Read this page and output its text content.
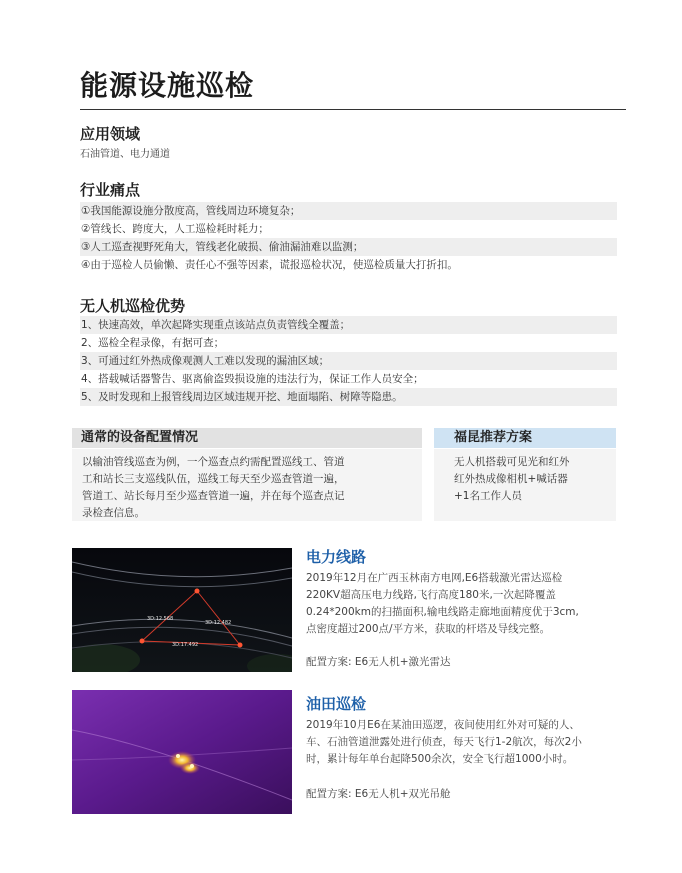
能源设施巡检
应用领域
石油管道、电力通道
行业痛点
①我国能源设施分散度高，管线周边环境复杂；
②管线长、跨度大，人工巡检耗时耗力；
③人工巡查视野死角大，管线老化破损、偷油漏油难以监测；
④由于巡检人员偷懒、责任心不强等因素，谎报巡检状况，使巡检质量大打折扣。
无人机巡检优势
1、快速高效，单次起降实现重点该站点负责管线全覆盖；
2、巡检全程录像，有据可查；
3、可通过红外热成像观测人工难以发现的漏油区域；
4、搭载喊话器警告、驱离偷盗毁损设施的违法行为，保证工作人员安全；
5、及时发现和上报管线周边区域违规开挖、地面塌陷、树障等隐患。
通常的设备配置情况
以输油管线巡查为例，一个巡查点约需配置巡线工、管道
工和站长三支巡线队伍，巡线工每天至少巡查管道一遍，
管道工、站长每月至少巡查管道一遍，并在每个巡查点记
录检查信息。
福昆推荐方案
无人机搭载可见光和红外
红外热成像相机+喊话器
+1名工作人员
3D:12.568
3D:12.482
3D:17.492
电力线路
2019年12月在广西玉林南方电网,E6搭载激光雷达巡检
220KV超高压电力线路,飞行高度180米,一次起降覆盖
0.24*200km的扫描面积,输电线路走廊地面精度优于3cm,
点密度超过200点/平方米，获取的杆塔及导线完整。
配置方案: E6无人机+激光雷达
油田巡检
2019年10月E6在某油田巡逻，夜间使用红外对可疑的人、
车、石油管道泄露处进行侦查，每天飞行1-2航次，每次2小
时，累计每年单台起降500余次，安全飞行超1000小时。
配置方案: E6无人机+双光吊舱
